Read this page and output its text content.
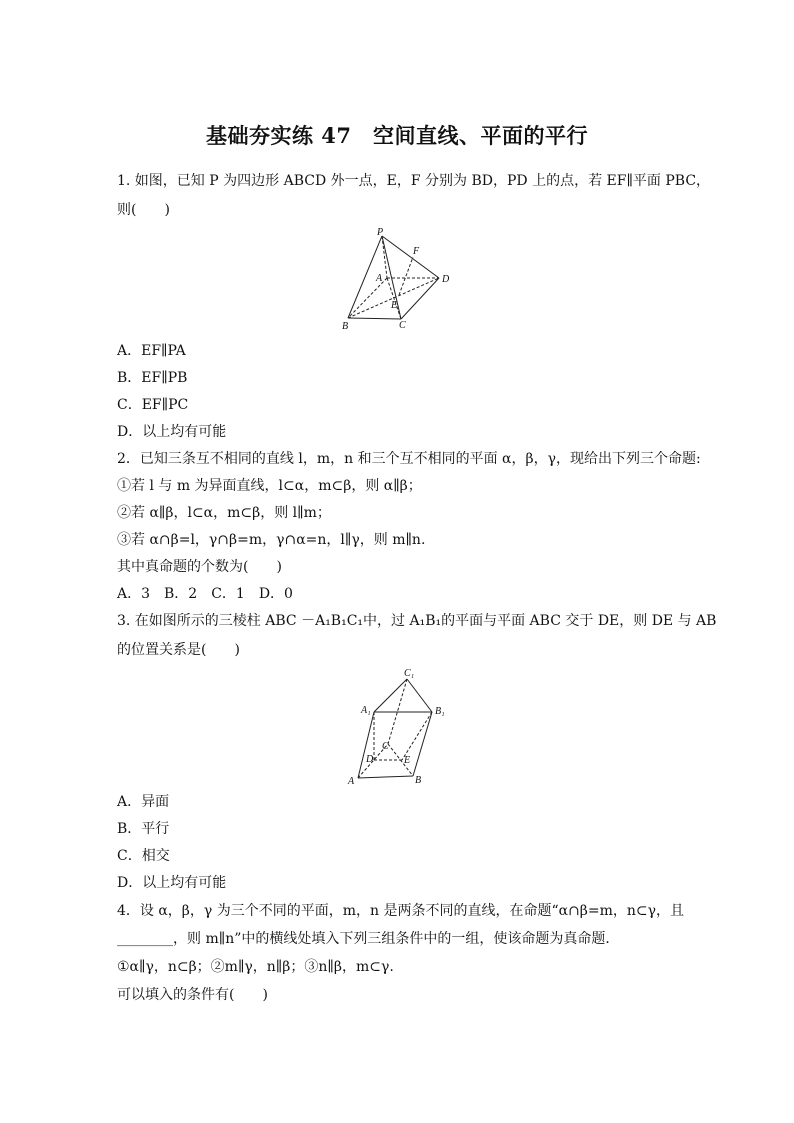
基础夯实练 47　空间直线、平面的平行
1. 如图，已知 P 为四边形 ABCD 外一点，E，F 分别为 BD，PD 上的点，若 EF∥平面 PBC，
则(　　)
P
F
A	D
E
B	C
A．EF∥PA
B．EF∥PB
C．EF∥PC
D．以上均有可能
2．已知三条互不相同的直线 l，m，n 和三个互不相同的平面 α，β，γ，现给出下列三个命题:
①若 l 与 m 为异面直线，l⊂α，m⊂β，则 α∥β；
②若 α∥β，l⊂α，m⊂β，则 l∥m；
③若 α∩β=l，γ∩β=m，γ∩α=n，l∥γ，则 m∥n.
其中真命题的个数为(　　)
A．3　B．2　C．1　D．0
3. 在如图所示的三棱柱 ABC －A₁B₁C₁中，过 A₁B₁的平面与平面 ABC 交于 DE，则 DE 与 AB
的位置关系是(　　)
C₁
A₁	B₁
C
D	E
A	B
A．异面
B．平行
C．相交
D．以上均有可能
4．设 α，β，γ 为三个不同的平面，m，n 是两条不同的直线，在命题“α∩β=m，n⊂γ，且
________，则 m∥n”中的横线处填入下列三组条件中的一组，使该命题为真命题．
①α∥γ，n⊂β；②m∥γ，n∥β；③n∥β，m⊂γ.
可以填入的条件有(　　)
